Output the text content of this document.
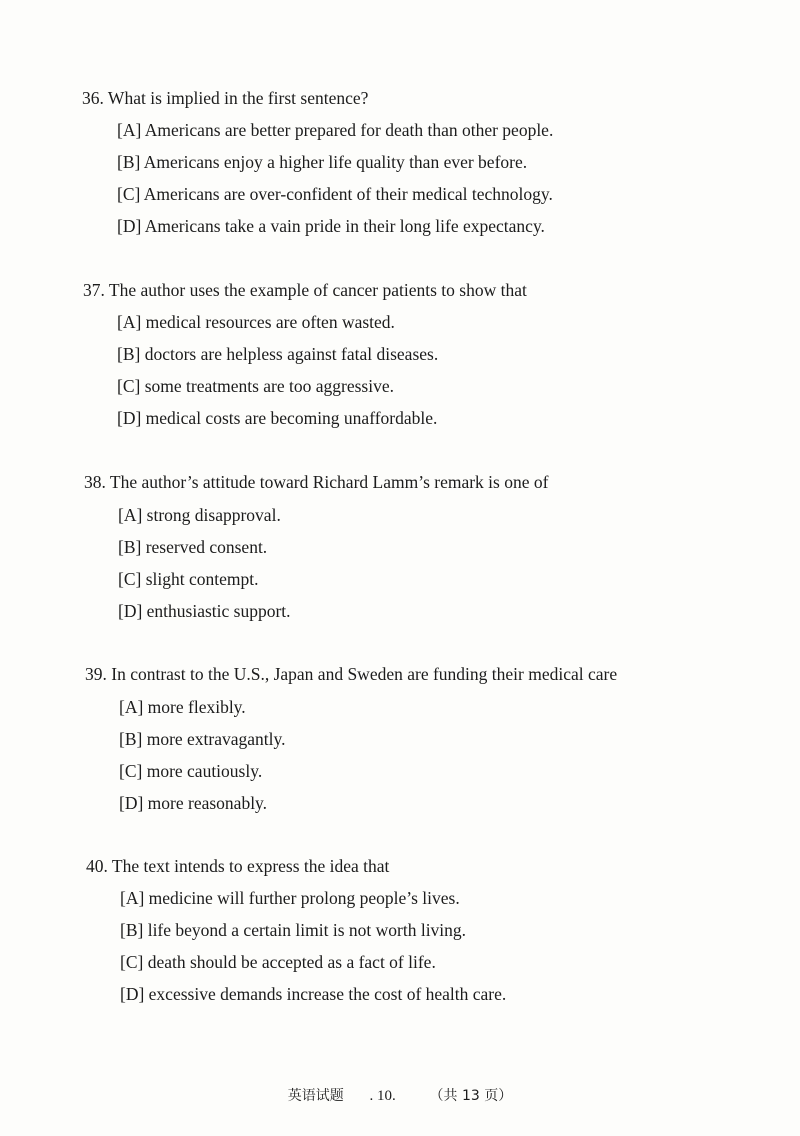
36. What is implied in the first sentence?
[A] Americans are better prepared for death than other people.
[B] Americans enjoy a higher life quality than ever before.
[C] Americans are over-confident of their medical technology.
[D] Americans take a vain pride in their long life expectancy.
37. The author uses the example of cancer patients to show that
[A] medical resources are often wasted.
[B] doctors are helpless against fatal diseases.
[C] some treatments are too aggressive.
[D] medical costs are becoming unaffordable.
38. The author’s attitude toward Richard Lamm’s remark is one of
[A] strong disapproval.
[B] reserved consent.
[C] slight contempt.
[D] enthusiastic support.
39. In contrast to the U.S., Japan and Sweden are funding their medical care
[A] more flexibly.
[B] more extravagantly.
[C] more cautiously.
[D] more reasonably.
40. The text intends to express the idea that
[A] medicine will further prolong people’s lives.
[B] life beyond a certain limit is not worth living.
[C] death should be accepted as a fact of life.
[D] excessive demands increase the cost of health care.
英语试题 . 10. （共 13 页）
